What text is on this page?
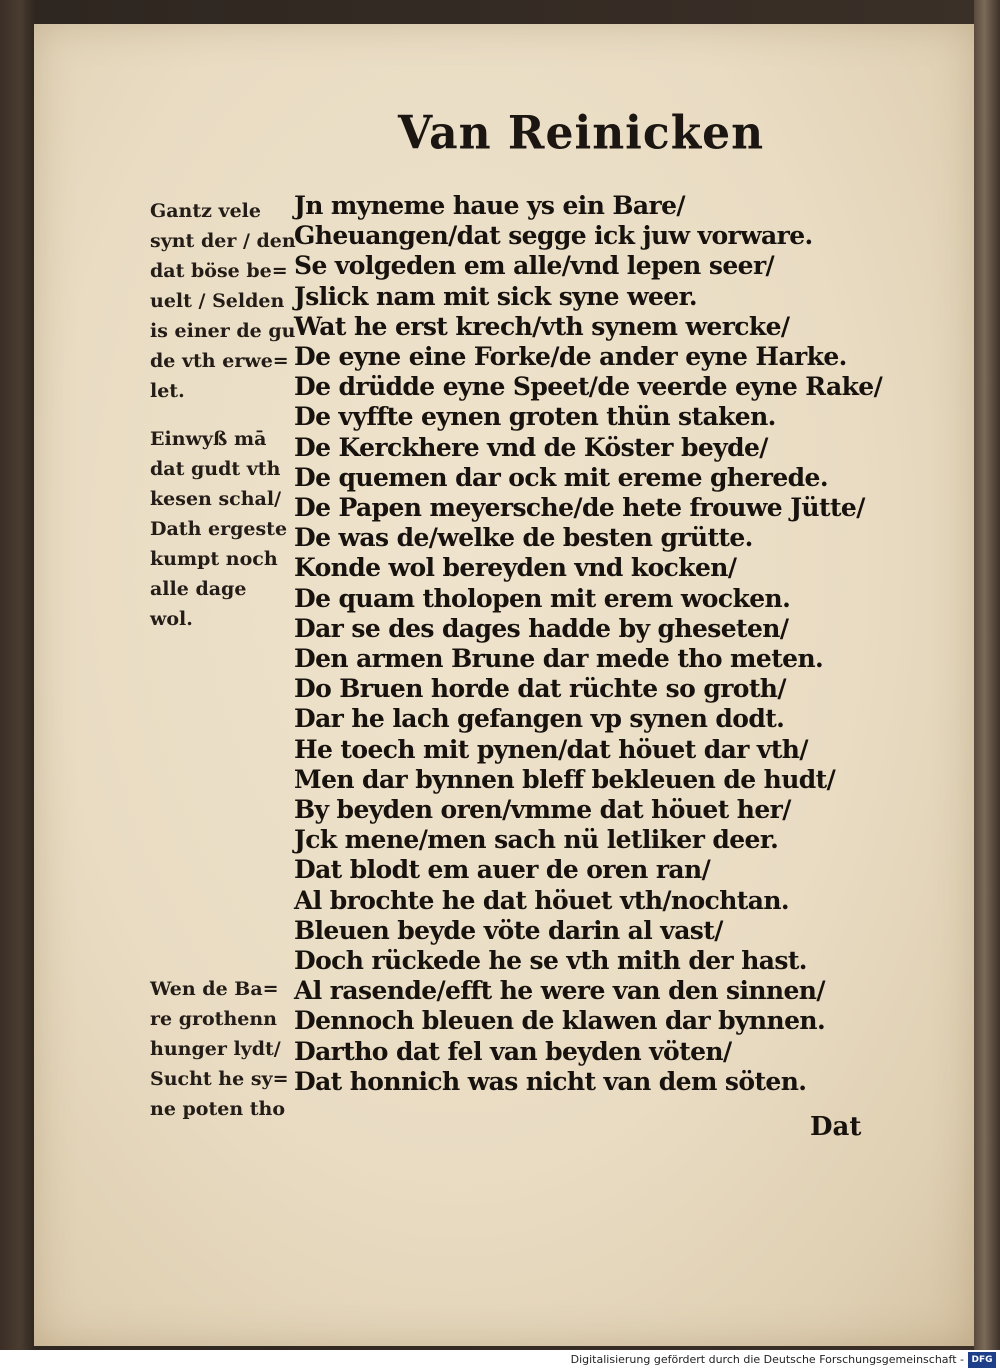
Van Reinicken
Gantz vele
synt der / den
dat böse be=
uelt / Selden
is einer de gu
de vth erwe=
let.
Einwyß mā
dat gudt vth
kesen schal/
Dath ergeste
kumpt noch
alle dage
wol.
Wen de Ba=
re grothenn
hunger lydt/
Sucht he sy=
ne poten tho
Jn myneme haue ys ein Bare/
Gheuangen/dat segge ick juw vorware.
Se volgeden em alle/vnd lepen seer/
Jslick nam mit sick syne weer.
Wat he erst krech/vth synem wercke/
De eyne eine Forke/de ander eyne Harke.
De drüdde eyne Speet/de veerde eyne Rake/
De vyffte eynen groten thün staken.
De Kerckhere vnd de Köster beyde/
De quemen dar ock mit ereme gherede.
De Papen meyersche/de hete frouwe Jütte/
De was de/welke de besten grütte.
Konde wol bereyden vnd kocken/
De quam tholopen mit erem wocken.
Dar se des dages hadde by gheseten/
Den armen Brune dar mede tho meten.
Do Bruen horde dat rüchte so groth/
Dar he lach gefangen vp synen dodt.
He toech mit pynen/dat höuet dar vth/
Men dar bynnen bleff bekleuen de hudt/
By beyden oren/vmme dat höuet her/
Jck mene/men sach nü letliker deer.
Dat blodt em auer de oren ran/
Al brochte he dat höuet vth/nochtan.
Bleuen beyde vöte darin al vast/
Doch rückede he se vth mith der hast.
Al rasende/efft he were van den sinnen/
Dennoch bleuen de klawen dar bynnen.
Dartho dat fel van beyden vöten/
Dat honnich was nicht van dem söten.
Dat
Digitalisierung gefördert durch die Deutsche Forschungsgemeinschaft - DFG
